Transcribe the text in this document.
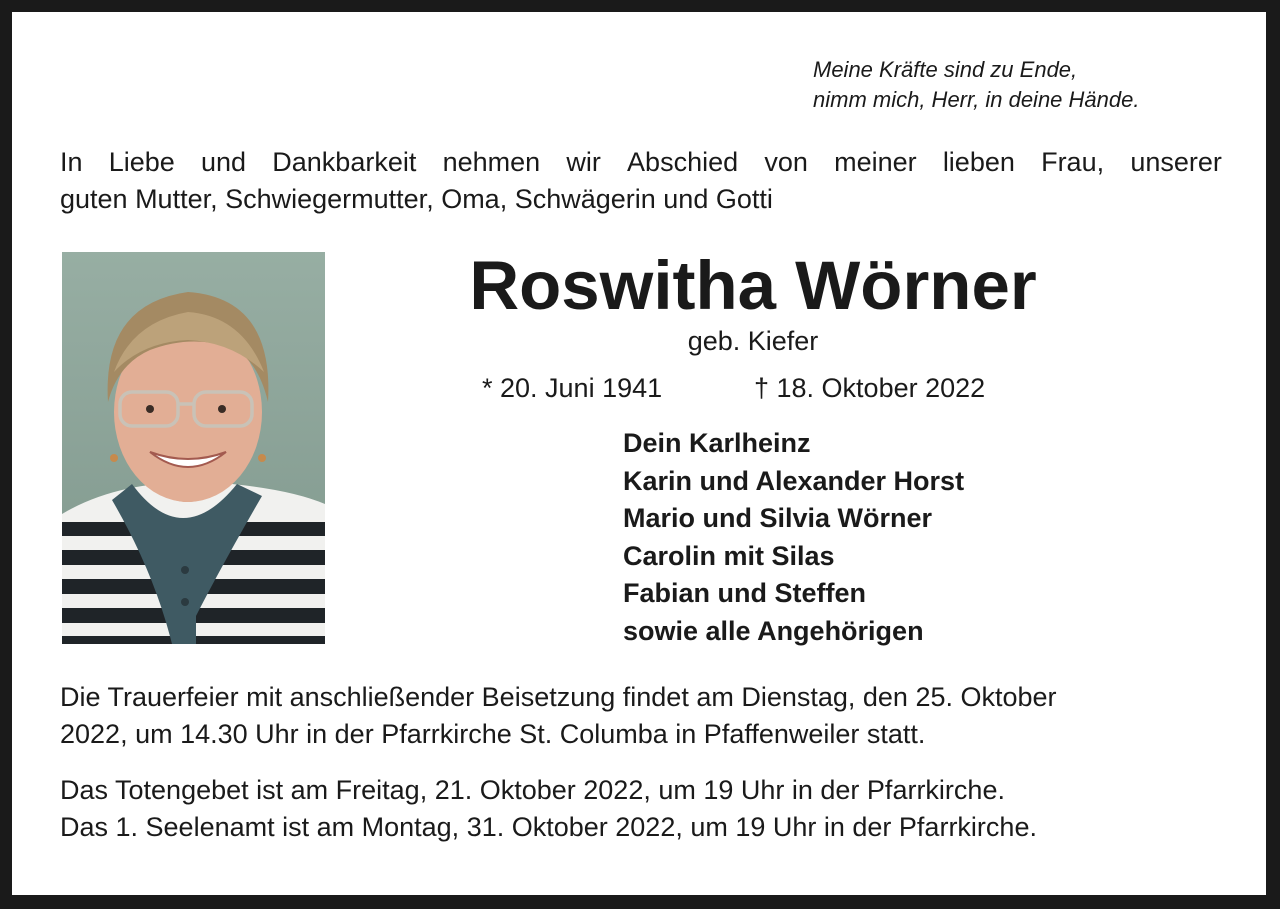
Meine Kräfte sind zu Ende,
nimm mich, Herr, in deine Hände.
In Liebe und Dankbarkeit nehmen wir Abschied von meiner lieben Frau, unserer
guten Mutter, Schwiegermutter, Oma, Schwägerin und Gotti
Roswitha Wörner
geb. Kiefer
* 20. Juni 1941	† 18. Oktober 2022
Dein Karlheinz
Karin und Alexander Horst
Mario und Silvia Wörner
Carolin mit Silas
Fabian und Steffen
sowie alle Angehörigen
Die Trauerfeier mit anschließender Beisetzung findet am Dienstag, den 25. Oktober
2022, um 14.30 Uhr in der Pfarrkirche St. Columba in Pfaffenweiler statt.
Das Totengebet ist am Freitag, 21. Oktober 2022, um 19 Uhr in der Pfarrkirche.
Das 1. Seelenamt ist am Montag, 31. Oktober 2022, um 19 Uhr in der Pfarrkirche.
